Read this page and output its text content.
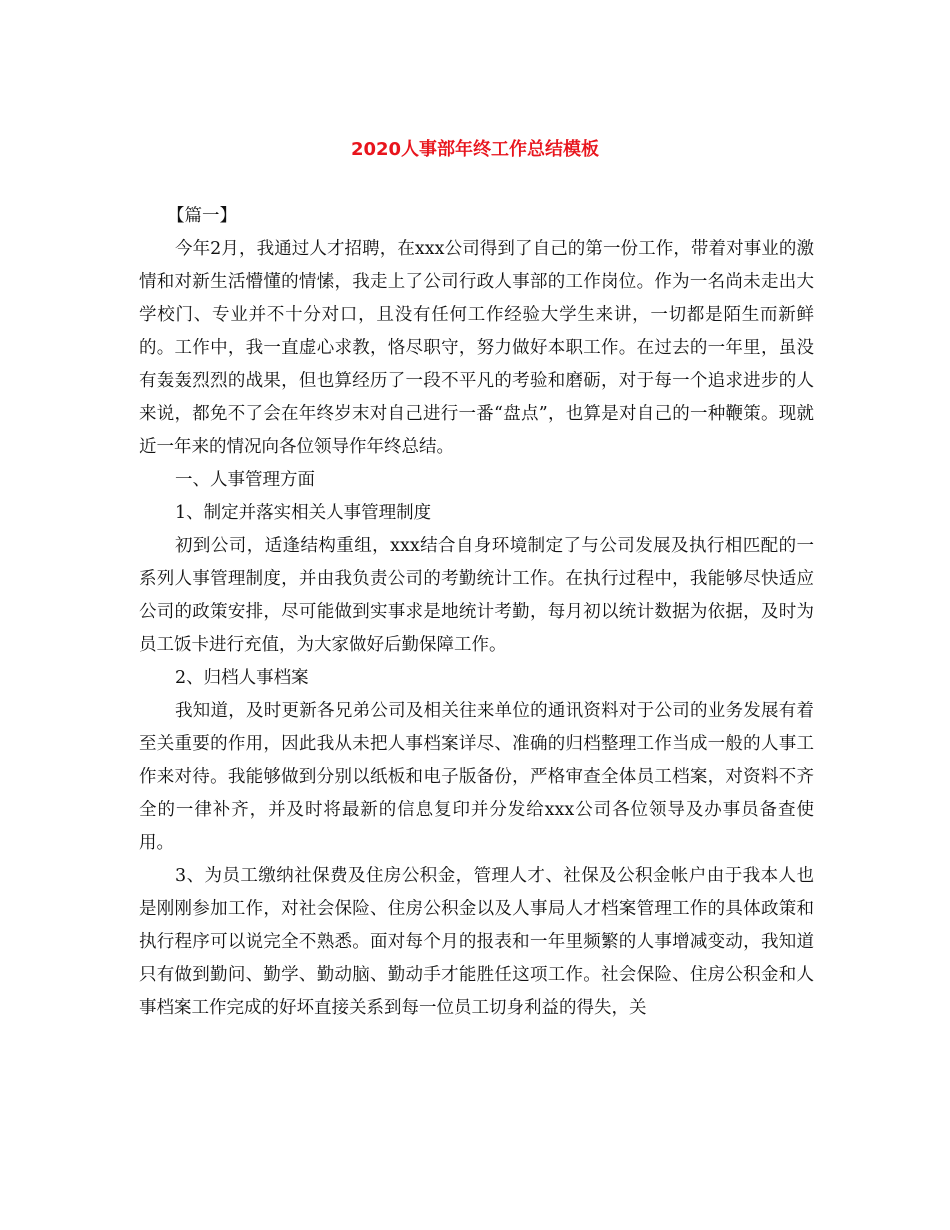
2020人事部年终工作总结模板

【篇一】

今年2月，我通过人才招聘，在xxx公司得到了自己的第一份工作，带着对事业的激情和对新生活懵懂的情愫，我走上了公司行政人事部的工作岗位。作为一名尚未走出大学校门、专业并不十分对口，且没有任何工作经验大学生来讲，一切都是陌生而新鲜的。工作中，我一直虚心求教，恪尽职守，努力做好本职工作。在过去的一年里，虽没有轰轰烈烈的战果，但也算经历了一段不平凡的考验和磨砺，对于每一个追求进步的人来说，都免不了会在年终岁末对自己进行一番“盘点”，也算是对自己的一种鞭策。现就近一年来的情况向各位领导作年终总结。

一、人事管理方面

1、制定并落实相关人事管理制度

初到公司，适逢结构重组，xxx结合自身环境制定了与公司发展及执行相匹配的一系列人事管理制度，并由我负责公司的考勤统计工作。在执行过程中，我能够尽快适应公司的政策安排，尽可能做到实事求是地统计考勤，每月初以统计数据为依据，及时为员工饭卡进行充值，为大家做好后勤保障工作。

2、归档人事档案

我知道，及时更新各兄弟公司及相关往来单位的通讯资料对于公司的业务发展有着至关重要的作用，因此我从未把人事档案详尽、准确的归档整理工作当成一般的人事工作来对待。我能够做到分别以纸板和电子版备份，严格审查全体员工档案，对资料不齐全的一律补齐，并及时将最新的信息复印并分发给xxx公司各位领导及办事员备查使用。

3、为员工缴纳社保费及住房公积金，管理人才、社保及公积金帐户由于我本人也是刚刚参加工作，对社会保险、住房公积金以及人事局人才档案管理工作的具体政策和执行程序可以说完全不熟悉。面对每个月的报表和一年里频繁的人事增减变动，我知道只有做到勤问、勤学、勤动脑、勤动手才能胜任这项工作。社会保险、住房公积金和人事档案工作完成的好坏直接关系到每一位员工切身利益的得失，关
